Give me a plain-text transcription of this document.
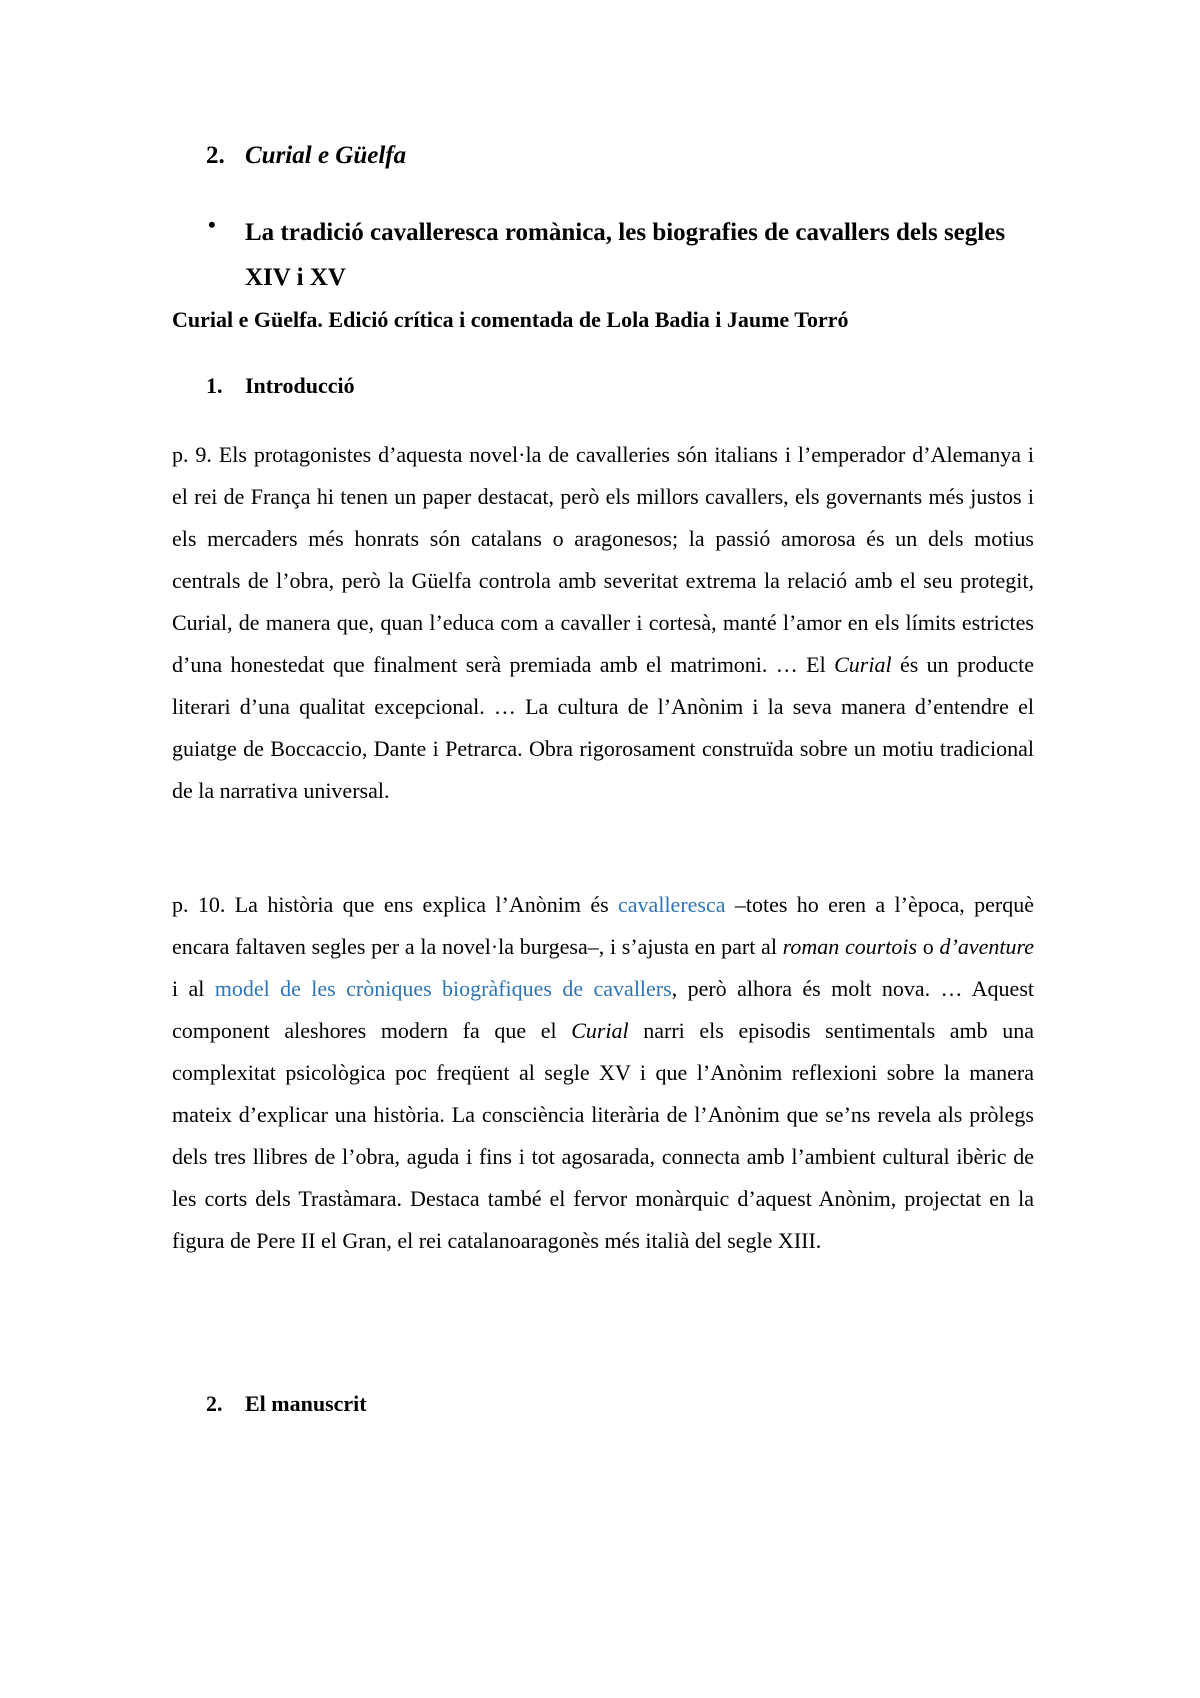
2. Curial e Güelfa
• La tradició cavalleresca romànica, les biografies de cavallers dels segles XIV i XV
Curial e Güelfa. Edició crítica i comentada de Lola Badia i Jaume Torró
1. Introducció
p. 9. Els protagonistes d’aquesta novel·la de cavalleries són italians i l’emperador d’Alemanya i el rei de França hi tenen un paper destacat, però els millors cavallers, els governants més justos i els mercaders més honrats són catalans o aragonesos; la passió amorosa és un dels motius centrals de l’obra, però la Güelfa controla amb severitat extrema la relació amb el seu protegit, Curial, de manera que, quan l’educa com a cavaller i cortesà, manté l’amor en els límits estrictes d’una honestedat que finalment serà premiada amb el matrimoni. … El Curial és un producte literari d’una qualitat excepcional. … La cultura de l’Anònim i la seva manera d’entendre el guiatge de Boccaccio, Dante i Petrarca. Obra rigorosament construïda sobre un motiu tradicional de la narrativa universal.
p. 10. La història que ens explica l’Anònim és cavalleresca –totes ho eren a l’època, perquè encara faltaven segles per a la novel·la burgesa–, i s’ajusta en part al roman courtois o d’aventure i al model de les cròniques biogràfiques de cavallers, però alhora és molt nova. … Aquest component aleshores modern fa que el Curial narri els episodis sentimentals amb una complexitat psicològica poc freqüent al segle XV i que l’Anònim reflexioni sobre la manera mateix d’explicar una història. La consciència literària de l’Anònim que se’ns revela als pròlegs dels tres llibres de l’obra, aguda i fins i tot agosarada, connecta amb l’ambient cultural ibèric de les corts dels Trastàmara. Destaca també el fervor monàrquic d’aquest Anònim, projectat en la figura de Pere II el Gran, el rei catalanoaragonès més italià del segle XIII.
2. El manuscrit
